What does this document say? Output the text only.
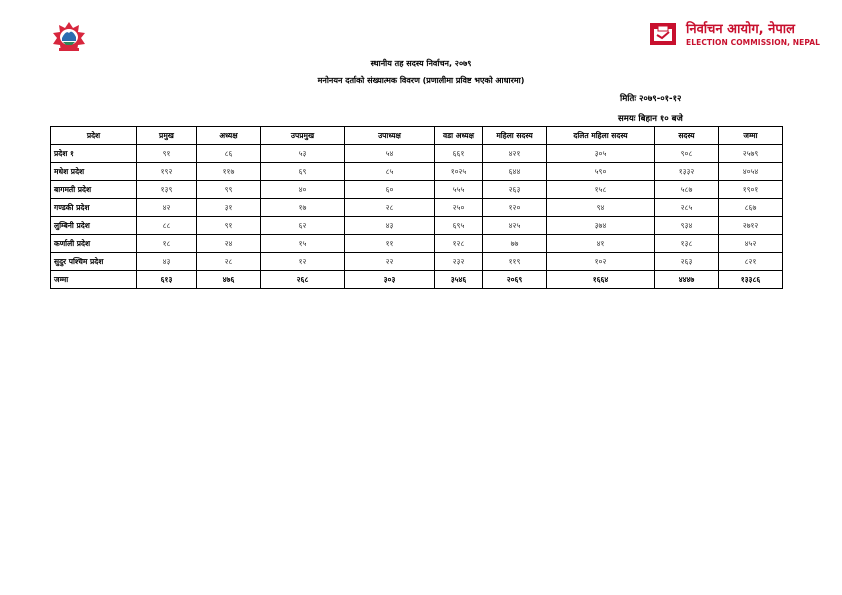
निर्वाचन आयोग, नेपाल
ELECTION COMMISSION, NEPAL
स्थानीय तह सदस्य निर्वाचन, २०७९
मनोनयन दर्ताको संख्यात्मक विवरण (प्रणालीमा प्रविष्ट भएको आधारमा)
मितिः २०७९-०१-१२
समयः बिहान १० बजे
प्रदेश	प्रमुख	अध्यक्ष	उपप्रमुख	उपाध्यक्ष	वडा अध्यक्ष	महिला सदस्य	दलित महिला सदस्य	सदस्य	जम्मा
प्रदेश १	९१	८६	५३	५४	६६१	४२१	३०५	९०८	२५७९
मधेश प्रदेश	१९२	११७	६९	८५	१०२५	६४४	५९०	१३३२	४०५४
बागमती प्रदेश	१३९	९९	४०	६०	५५५	२६३	१५८	५८७	१९०१
गण्डकी प्रदेश	४२	३१	१७	२८	२५०	१२०	९४	२८५	८६७
लुम्बिनी प्रदेश	८८	९१	६२	४३	६९५	४२५	३७४	९३४	२७१२
कर्णाली प्रदेश	१८	२४	१५	११	१२८	७७	४१	१३८	४५२
सुदुर पश्चिम प्रदेश	४३	२८	१२	२२	२३२	११९	१०२	२६३	८२१
जम्मा	६१३	४७६	२६८	३०३	३५४६	२०६९	१६६४	४४४७	१३३८६
